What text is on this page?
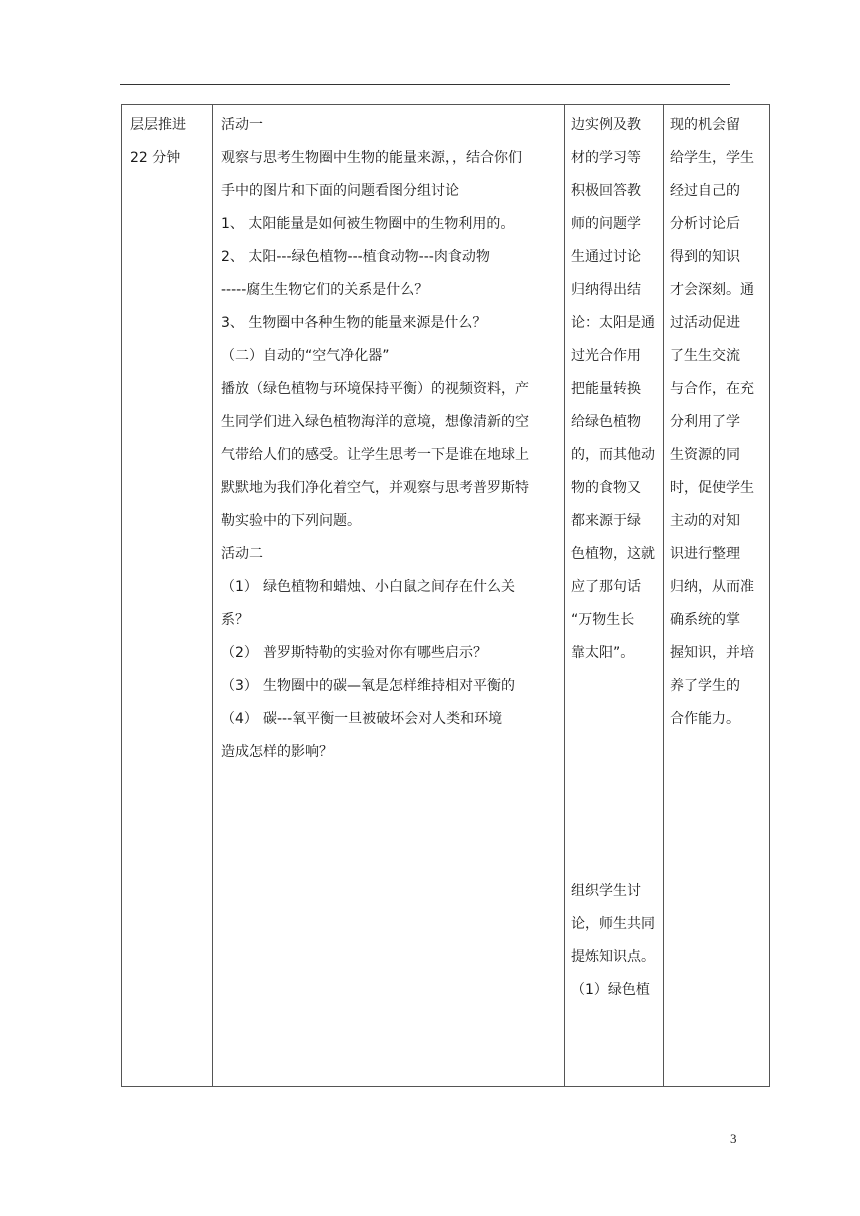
层层推进
22 分钟

活动一
观察与思考生物圈中生物的能量来源，，结合你们
手中的图片和下面的问题看图分组讨论
1、 太阳能量是如何被生物圈中的生物利用的。
2、 太阳---绿色植物---植食动物---肉食动物
-----腐生生物它们的关系是什么？
3、 生物圈中各种生物的能量来源是什么？
（二）自动的“空气净化器”
播放（绿色植物与环境保持平衡）的视频资料，产
生同学们进入绿色植物海洋的意境，想像清新的空
气带给人们的感受。让学生思考一下是谁在地球上
默默地为我们净化着空气，并观察与思考普罗斯特
勒实验中的下列问题。
活动二
（1） 绿色植物和蜡烛、小白鼠之间存在什么关
系？
（2） 普罗斯特勒的实验对你有哪些启示？
（3） 生物圈中的碳—氧是怎样维持相对平衡的
（4） 碳---氧平衡一旦被破坏会对人类和环境
造成怎样的影响？

边实例及教
材的学习等
积极回答教
师的问题学
生通过讨论
归纳得出结
论：太阳是通
过光合作用
把能量转换
给绿色植物
的，而其他动
物的食物又
都来源于绿
色植物，这就
应了那句话
“万物生长
靠太阳”。
组织学生讨
论，师生共同
提炼知识点。
（1）绿色植

现的机会留
给学生，学生
经过自己的
分析讨论后
得到的知识
才会深刻。通
过活动促进
了生生交流
与合作，在充
分利用了学
生资源的同
时，促使学生
主动的对知
识进行整理
归纳，从而准
确系统的掌
握知识，并培
养了学生的
合作能力。
3
